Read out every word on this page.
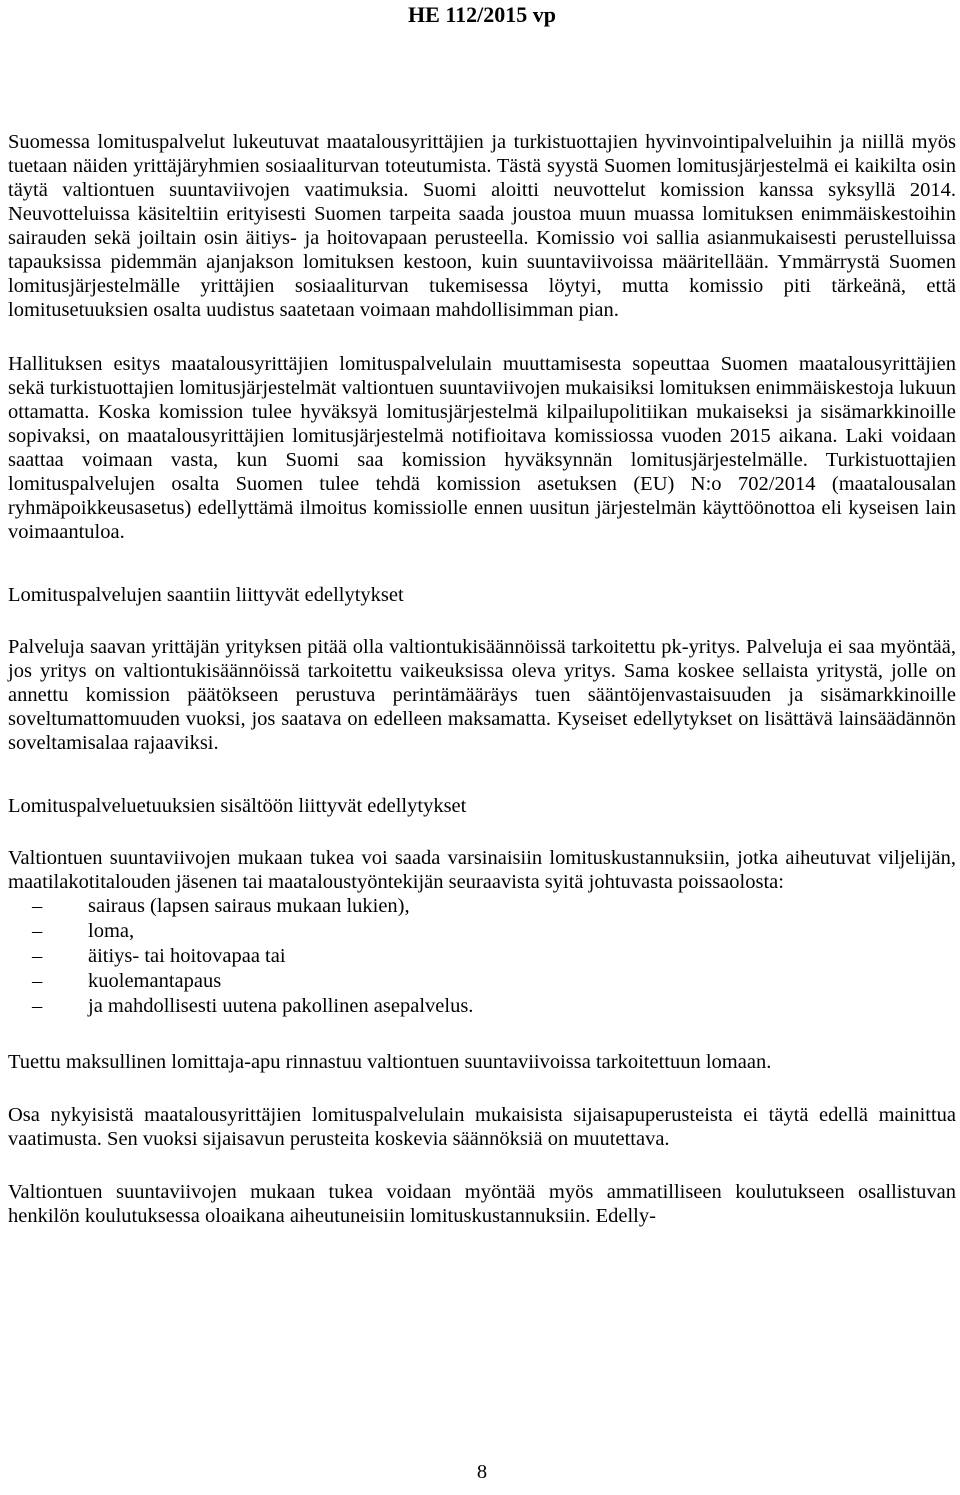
HE 112/2015 vp

Suomessa lomituspalvelut lukeutuvat maatalousyrittäjien ja turkistuottajien hyvinvointipalveluihin ja niillä myös tuetaan näiden yrittäjäryhmien sosiaaliturvan toteutumista. Tästä syystä Suomen lomitusjärjestelmä ei kaikilta osin täytä valtiontuen suuntaviivojen vaatimuksia. Suomi aloitti neuvottelut komission kanssa syksyllä 2014. Neuvotteluissa käsiteltiin erityisesti Suomen tarpeita saada joustoa muun muassa lomituksen enimmäiskestoihin sairauden sekä joiltain osin äitiys- ja hoitovapaan perusteella. Komissio voi sallia asianmukaisesti perustelluissa tapauksissa pidemmän ajanjakson lomituksen kestoon, kuin suuntaviivoissa määritellään. Ymmärrystä Suomen lomitusjärjestelmälle yrittäjien sosiaaliturvan tukemisessa löytyi, mutta komissio piti tärkeänä, että lomitusetuuksien osalta uudistus saatetaan voimaan mahdollisimman pian.

Hallituksen esitys maatalousyrittäjien lomituspalvelulain muuttamisesta sopeuttaa Suomen maatalousyrittäjien sekä turkistuottajien lomitusjärjestelmät valtiontuen suuntaviivojen mukaisiksi lomituksen enimmäiskestoja lukuun ottamatta. Koska komission tulee hyväksyä lomitusjärjestelmä kilpailupolitiikan mukaiseksi ja sisämarkkinoille sopivaksi, on maatalousyrittäjien lomitusjärjestelmä notifioitava komissiossa vuoden 2015 aikana. Laki voidaan saattaa voimaan vasta, kun Suomi saa komission hyväksynnän lomitusjärjestelmälle. Turkistuottajien lomituspalvelujen osalta Suomen tulee tehdä komission asetuksen (EU) N:o 702/2014 (maatalousalan ryhmäpoikkeusasetus) edellyttämä ilmoitus komissiolle ennen uusitun järjestelmän käyttöönottoa eli kyseisen lain voimaantuloa.

Lomituspalvelujen saantiin liittyvät edellytykset

Palveluja saavan yrittäjän yrityksen pitää olla valtiontukisäännöissä tarkoitettu pk-yritys. Palveluja ei saa myöntää, jos yritys on valtiontukisäännöissä tarkoitettu vaikeuksissa oleva yritys. Sama koskee sellaista yritystä, jolle on annettu komission päätökseen perustuva perintämääräys tuen sääntöjenvastaisuuden ja sisämarkkinoille soveltumattomuuden vuoksi, jos saatava on edelleen maksamatta. Kyseiset edellytykset on lisättävä lainsäädännön soveltamisalaa rajaaviksi.

Lomituspalveluetuuksien sisältöön liittyvät edellytykset

Valtiontuen suuntaviivojen mukaan tukea voi saada varsinaisiin lomituskustannuksiin, jotka aiheutuvat viljelijän, maatilakotitalouden jäsenen tai maataloustyöntekijän seuraavista syitä johtuvasta poissaolosta:

– sairaus (lapsen sairaus mukaan lukien),
– loma,
– äitiys- tai hoitovapaa tai
– kuolemantapaus
– ja mahdollisesti uutena pakollinen asepalvelus.

Tuettu maksullinen lomittaja-apu rinnastuu valtiontuen suuntaviivoissa tarkoitettuun lomaan.

Osa nykyisistä maatalousyrittäjien lomituspalvelulain mukaisista sijaisapuperusteista ei täytä edellä mainittua vaatimusta. Sen vuoksi sijaisavun perusteita koskevia säännöksiä on muutettava.

Valtiontuen suuntaviivojen mukaan tukea voidaan myöntää myös ammatilliseen koulutukseen osallistuvan henkilön koulutuksessa oloaikana aiheutuneisiin lomituskustannuksiin. Edelly-

8
